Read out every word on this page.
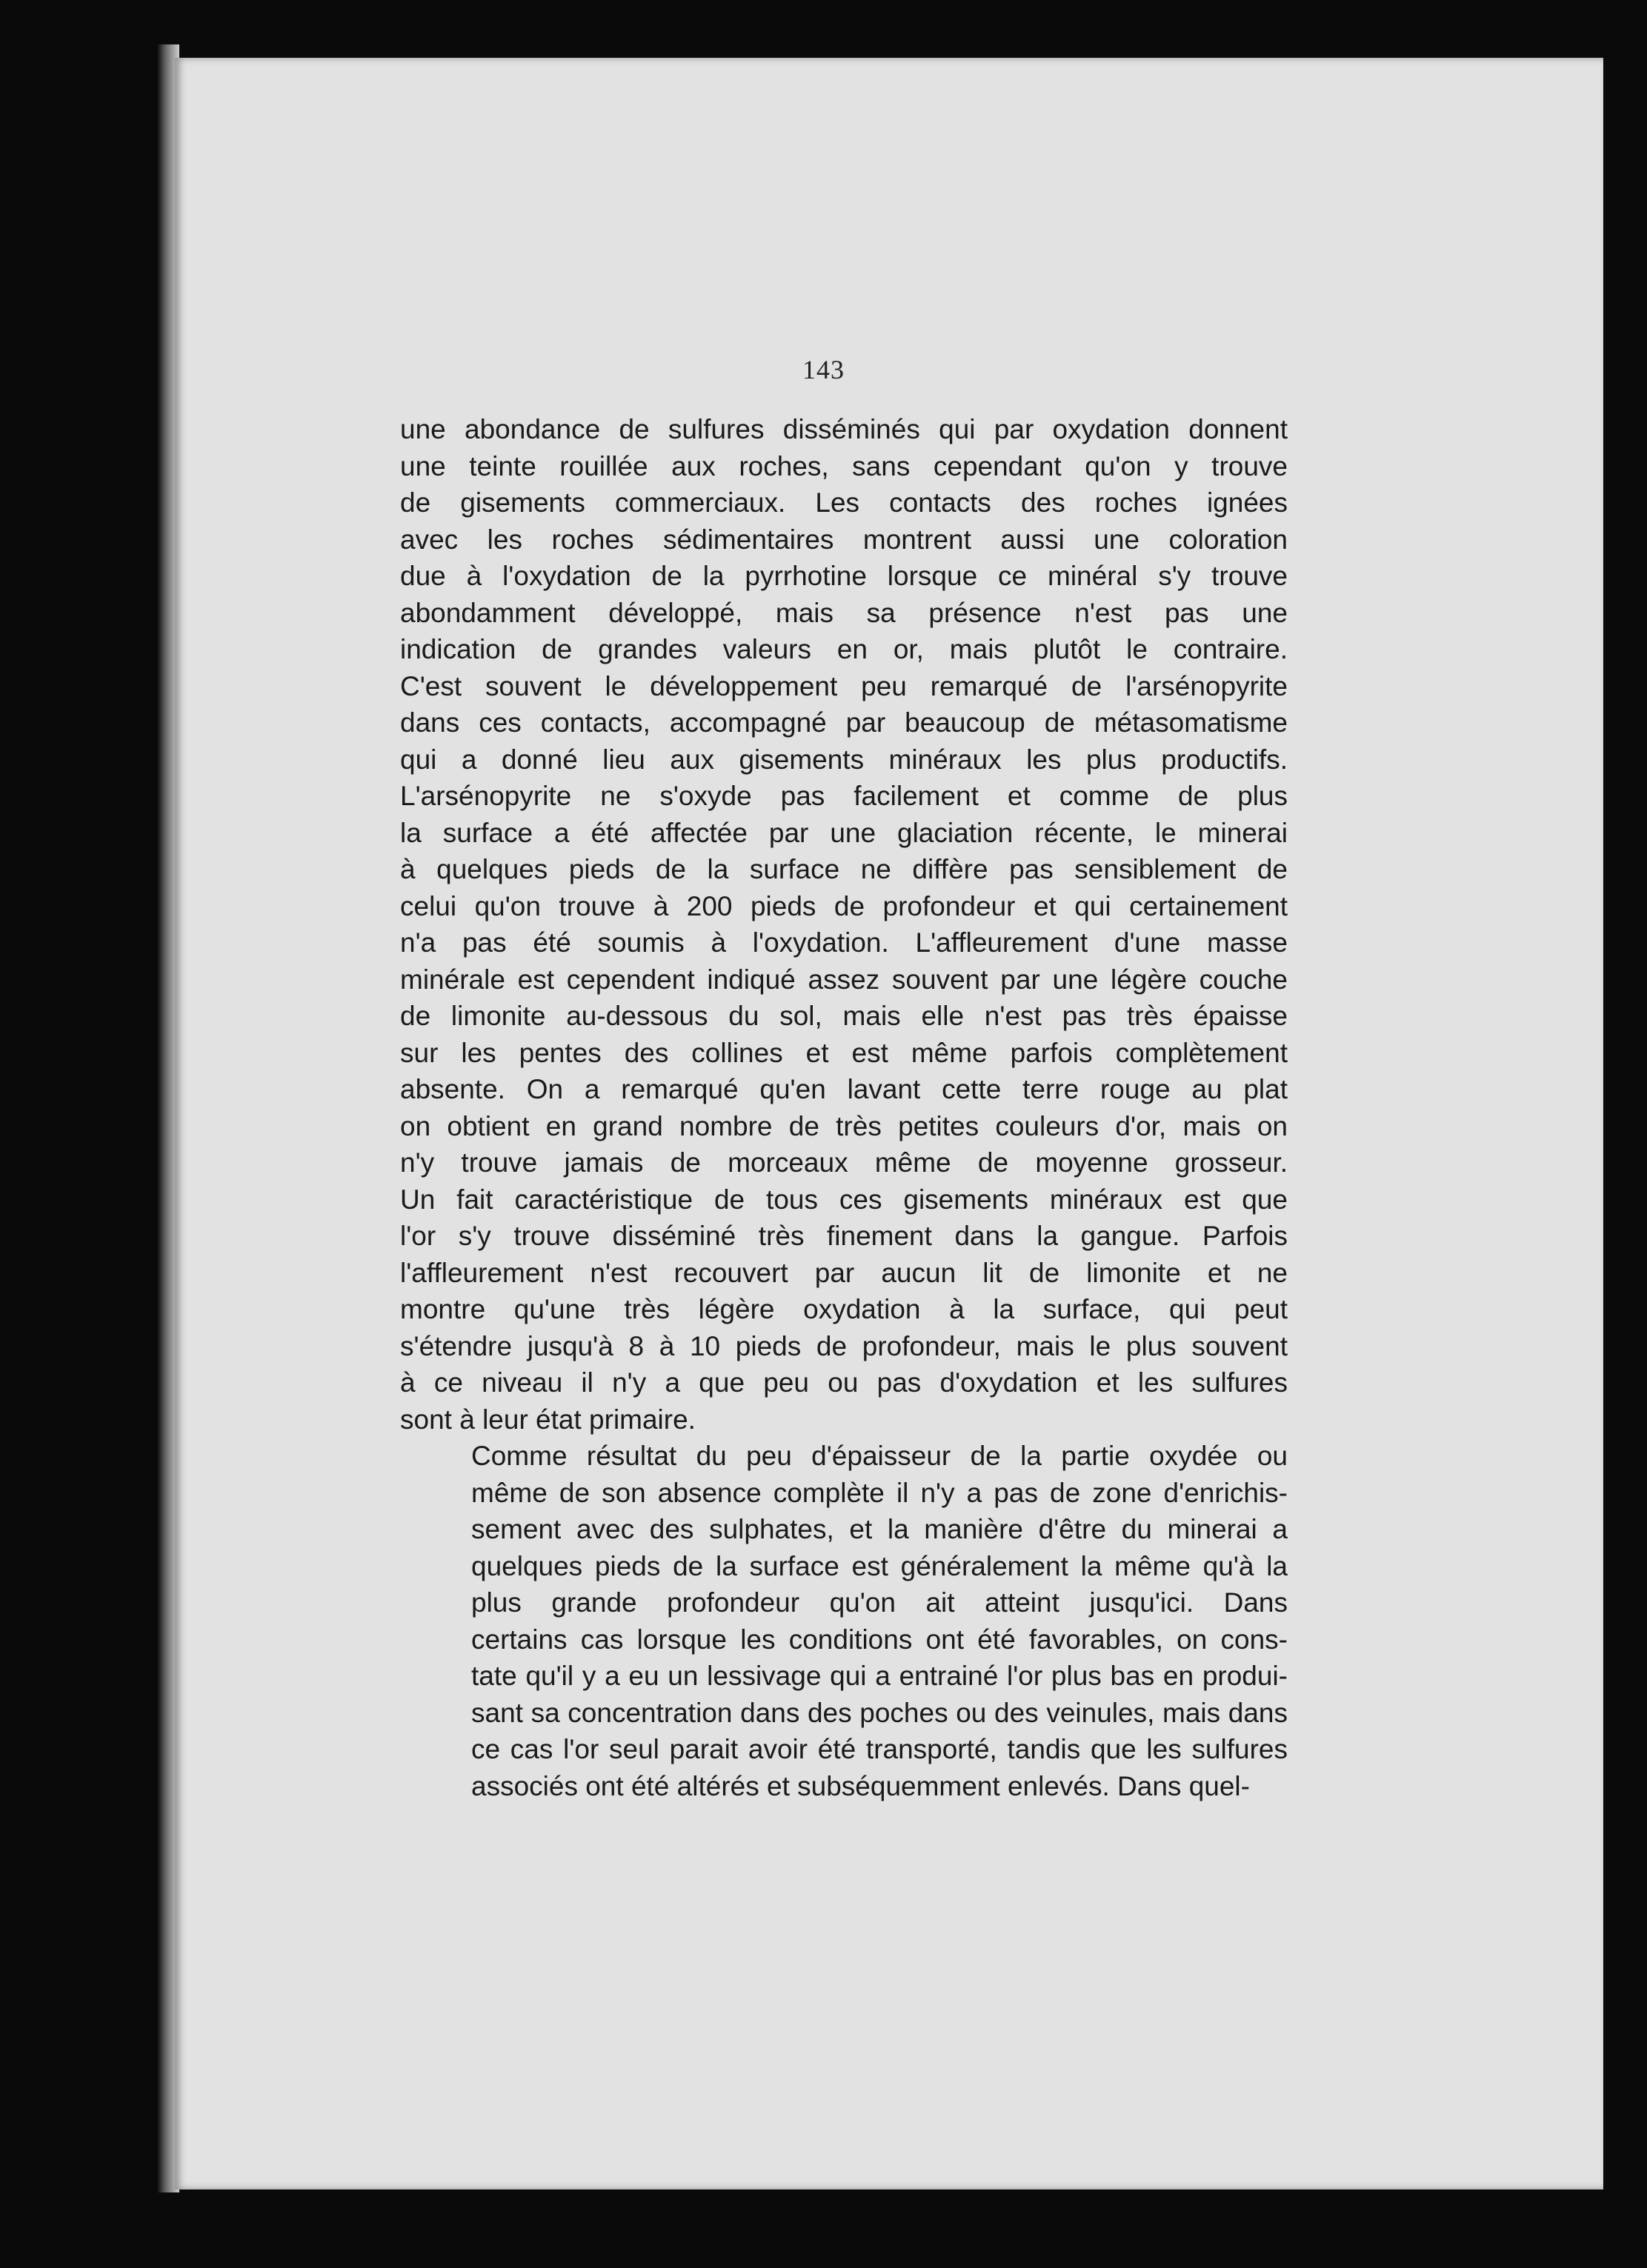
143

une abondance de sulfures disséminés qui par oxydation donnent
une teinte rouillée aux roches, sans cependant qu'on y trouve
de gisements commerciaux. Les contacts des roches ignées
avec les roches sédimentaires montrent aussi une coloration
due à l'oxydation de la pyrrhotine lorsque ce minéral s'y trouve
abondamment développé, mais sa présence n'est pas une
indication de grandes valeurs en or, mais plutôt le contraire.
C'est souvent le développement peu remarqué de l'arsénopyrite
dans ces contacts, accompagné par beaucoup de métasomatisme
qui a donné lieu aux gisements minéraux les plus productifs.
L'arsénopyrite ne s'oxyde pas facilement et comme de plus
la surface a été affectée par une glaciation récente, le minerai
à quelques pieds de la surface ne diffère pas sensiblement de
celui qu'on trouve à 200 pieds de profondeur et qui certainement
n'a pas été soumis à l'oxydation. L'affleurement d'une masse
minérale est cependent indiqué assez souvent par une légère couche
de limonite au-dessous du sol, mais elle n'est pas très épaisse
sur les pentes des collines et est même parfois complètement
absente. On a remarqué qu'en lavant cette terre rouge au plat
on obtient en grand nombre de très petites couleurs d'or, mais on
n'y trouve jamais de morceaux même de moyenne grosseur.
Un fait caractéristique de tous ces gisements minéraux est que
l'or s'y trouve disséminé très finement dans la gangue. Parfois
l'affleurement n'est recouvert par aucun lit de limonite et ne
montre qu'une très légère oxydation à la surface, qui peut
s'étendre jusqu'à 8 à 10 pieds de profondeur, mais le plus souvent
à ce niveau il n'y a que peu ou pas d'oxydation et les sulfures
sont à leur état primaire.

Comme résultat du peu d'épaisseur de la partie oxydée ou
même de son absence complète il n'y a pas de zone d'enrichis-
sement avec des sulphates, et la manière d'être du minerai a
quelques pieds de la surface est généralement la même qu'à la
plus grande profondeur qu'on ait atteint jusqu'ici. Dans
certains cas lorsque les conditions ont été favorables, on cons-
tate qu'il y a eu un lessivage qui a entrainé l'or plus bas en produi-
sant sa concentration dans des poches ou des veinules, mais dans
ce cas l'or seul parait avoir été transporté, tandis que les sulfures
associés ont été altérés et subséquemment enlevés. Dans quel-
